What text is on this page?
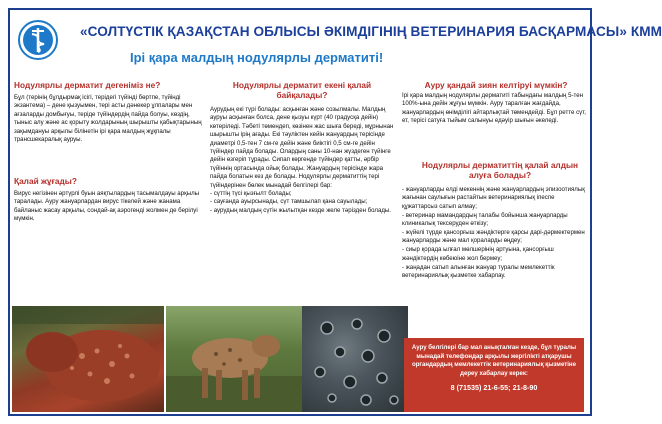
«СОЛТҮСТІК ҚАЗАҚСТАН ОБЛЫСЫ ӘКІМДІГІНІҢ ВЕТЕРИНАРИЯ БАСҚАРМАСЫ» КММ
Ірі қара малдың нодулярлы дерматиті!
Нодулярлы дерматит дегеніміз не?
Бұл (терінің бұлдырмақ ісігі, терідегі түйінді бөртпе, түйінді экзантема) – дене қызуымен, тері асты дәнекер ұлпалары мен ағзаларды домбығуы, теріде түйіндердің пайда болуы, көздің, тыныс алу және ас қорыту жолдарының шырышты қабықтарының зақымдануы арқылы білінетін ірі қара малдың жұқпалы трансшекаралық ауруы.
Қалай жұғады?
Вирус негізінен әртүрлі буын аяқтылардың тасымалдауы арқылы таралады. Ауру жануарлардан вирус тікелей және жанама байланыс жасау арқылы, сондай-ақ аэрогенді жолмен де берілуі мүмкін.
Нодулярлы дерматит екені қалай байқалады?
Аурудың екі түрі болады: асқынған және созылмалы. Малдың ауруы асқынған болса, дене қызуы күрт (40 градусқа дейін) көтеріледі. Тәбеті төмендеп, көзінен жас шыға береді, мұрнынан шырышты ірің ағады. Екі тәуліктен кейін жануардың терісінде диаметрі 0,5-тен 7 см-ге дейін және биіктігі 0,5 см-ге дейін түйіндер пайда болады. Олардың саны 10-нан жүздеген түйінге дейін өзгеріп тұрады. Сипап көргенде түйіндер қатты, әрбір түйіннің ортасында ойық болады. Жануардың терісінде жара пайда болатын кез де болады. Нодулярлы дерматиттің тері түйіндерінен бөлек мынадай белгілері бар:
- сүттің түсі қызғылт болады;
- сауғанда ауырсынады, сүт тамшылап қана сауылады;
- аурудың малдың сүтін жылытқан кезде желе тәрізден болады.
Ауру қандай зиян келтіруі мүмкін?
Ірі қара малдың нодулярлы дерматиті табындағы малдың 5-тен 100%-ына дейін жұғуы мүмкін. Ауру таралған жағдайда, жануарлардың өнімділігі айтарлықтай төмендейді. Бұл ретте сүт, ет, терісі сатуға тыйым салынуы едәуір шығын әкеледі.
Нодулярлы дерматиттің қалай алдын алуға болады?
- жануарларды елді мекеннің және жануарлардың эпизоотиялық жағынан саулығын растайтын ветеринариялық іпеспе құжаттарсыз сатып алмау;
- ветеринар мамандардың талабы бойынша жануарларды клиникалық тексеруден өткізу;
- жүйелі түрде қансорғыш жәндіктерге қарсы дарі-дәрмектермен жануарларды және мал қораларды өңдеу;
- сиыр қорада ылғал мөлшерінің артуына, қансорғыш жәндіктердің көбеюіне жол бермеу;
- жаңадан сатып алынған жануар туралы мемлекеттік ветеринариялық қызметке хабарлау.
Ауру белгілері бар мал анықталған кезде, бұл туралы мынадай телефондар арқылы жергілікті атқарушы органдардың мемлекеттік ветеринариялық қызметіне дереу хабарлау керек:
8 (71535) 21-6-55; 21-8-90
